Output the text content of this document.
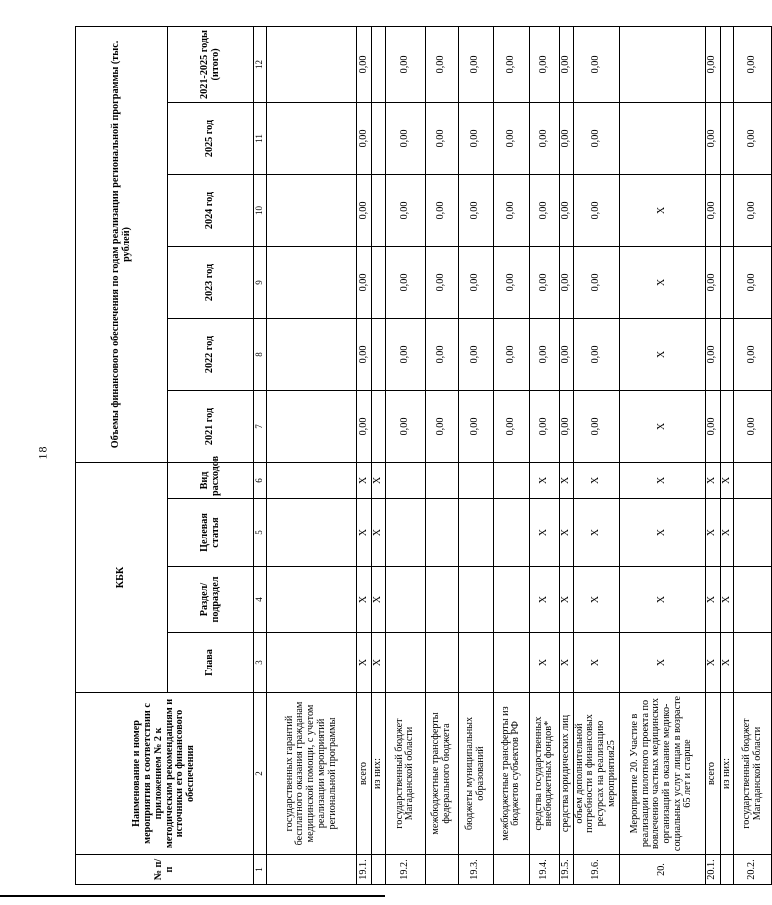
18
№ п/п	Наименование и номер мероприятия в соответствии с приложением № 2 к методическим рекомендациям и источники его финансового обеспечения	КБК				Объемы финансового обеспечения по годам реализации региональной программы (тыс. рублей)					
		Глава	Раздел/подраздел	Целевая статья	Вид расходов	2021 год	2022 год	2023 год	2024 год	2025 год	2021-2025 годы (итого)
1	2	3	4	5	6	7	8	9	10	11	12
	государственных гарантий бесплатного оказания гражданам медицинской помощи, с учетом реализации мероприятий региональной программы										
19.1.	всего	X	X	X	X	0,00	0,00	0,00	0,00	0,00	0,00
	из них:	X	X	X	X						
19.2.	государственный бюджет Магаданской области					0,00	0,00	0,00	0,00	0,00	0,00
	межбюджетные трансферты федерального бюджета					0,00	0,00	0,00	0,00	0,00	0,00
19.3.	бюджеты муниципальных образований					0,00	0,00	0,00	0,00	0,00	0,00
	межбюджетные трансферты из бюджетов субъектов РФ					0,00	0,00	0,00	0,00	0,00	0,00
19.4.	средства государственных внебюджетных фондов*	X	X	X	X	0,00	0,00	0,00	0,00	0,00	0,00
19.5.	средства юридических лиц	X	X	X	X	0,00	0,00	0,00	0,00	0,00	0,00
19.6.	объем дополнительной потребности в финансовых ресурсах на реализацию мероприятия25	X	X	X	X	0,00	0,00	0,00	0,00	0,00	0,00
20.	Мероприятие 20. Участие в реализации пилотного проекта по вовлечению частных медицинских организаций в оказание медико-социальных услуг лицам в возрасте 65 лет и старше	X	X	X	X	X	X	X	X		
20.1.	всего	X	X	X	X	0,00	0,00	0,00	0,00	0,00	0,00
	из них:	X	X	X	X						
20.2.	государственный бюджет Магаданской области					0,00	0,00	0,00	0,00	0,00	0,00
